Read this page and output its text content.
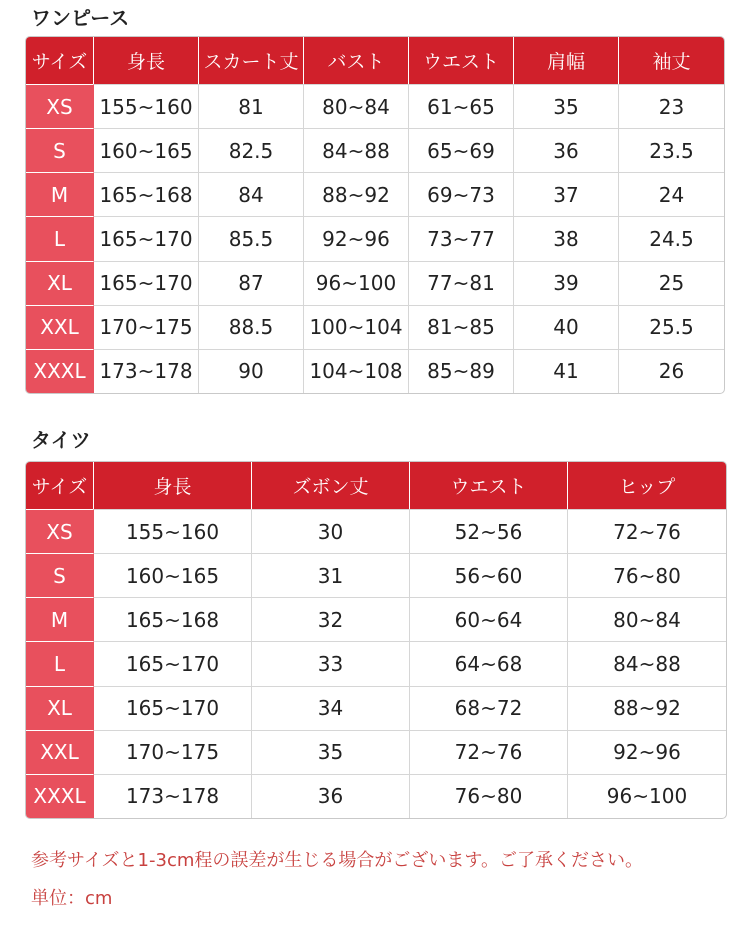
ワンピース
サイズ	身長	スカート丈	バスト	ウエスト	肩幅	袖丈
XS	155~160	81	80~84	61~65	35	23
S	160~165	82.5	84~88	65~69	36	23.5
M	165~168	84	88~92	69~73	37	24
L	165~170	85.5	92~96	73~77	38	24.5
XL	165~170	87	96~100	77~81	39	25
XXL	170~175	88.5	100~104	81~85	40	25.5
XXXL	173~178	90	104~108	85~89	41	26
タイツ
サイズ	身長	ズボン丈	ウエスト	ヒップ
XS	155~160	30	52~56	72~76
S	160~165	31	56~60	76~80
M	165~168	32	60~64	80~84
L	165~170	33	64~68	84~88
XL	165~170	34	68~72	88~92
XXL	170~175	35	72~76	92~96
XXXL	173~178	36	76~80	96~100

参考サイズと1-3cm程の誤差が生じる場合がございます。ご了承ください。

単位：cm
